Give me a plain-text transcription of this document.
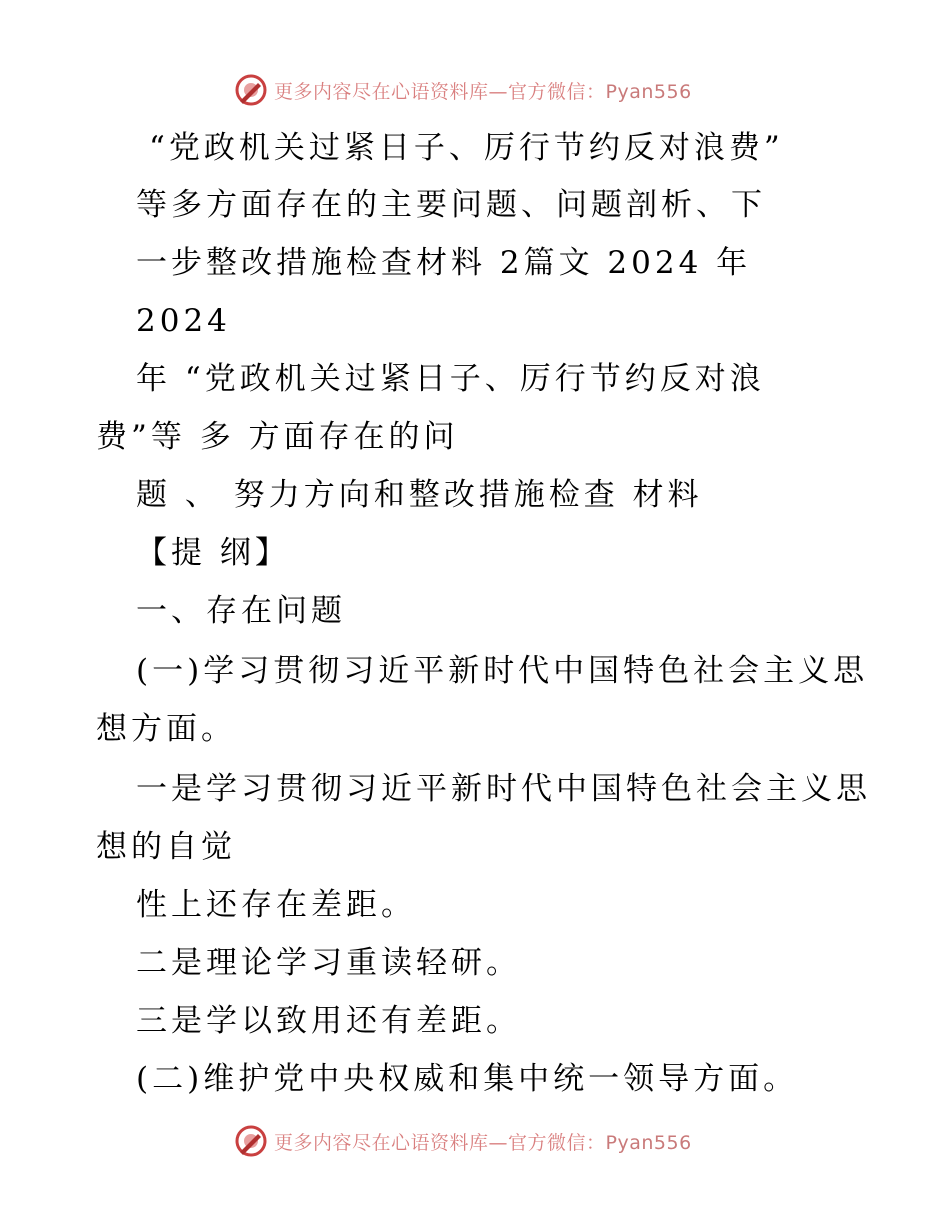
更多内容尽在心语资料库—官方微信：Pyan556
“党政机关过紧日子、厉行节约反对浪费”
等多方面存在的主要问题、问题剖析、下
一步整改措施检查材料 2篇文 2024 年
2024
年 “党政机关过紧日子、厉行节约反对浪
费”等 多 方面存在的问
题 、 努力方向和整改措施检查 材料
【提 纲】
一、存在问题
(一)学习贯彻习近平新时代中国特色社会主义思
想方面。
一是学习贯彻习近平新时代中国特色社会主义思
想的自觉
性上还存在差距。
二是理论学习重读轻研。
三是学以致用还有差距。
(二)维护党中央权威和集中统一领导方面。
更多内容尽在心语资料库—官方微信：Pyan556
